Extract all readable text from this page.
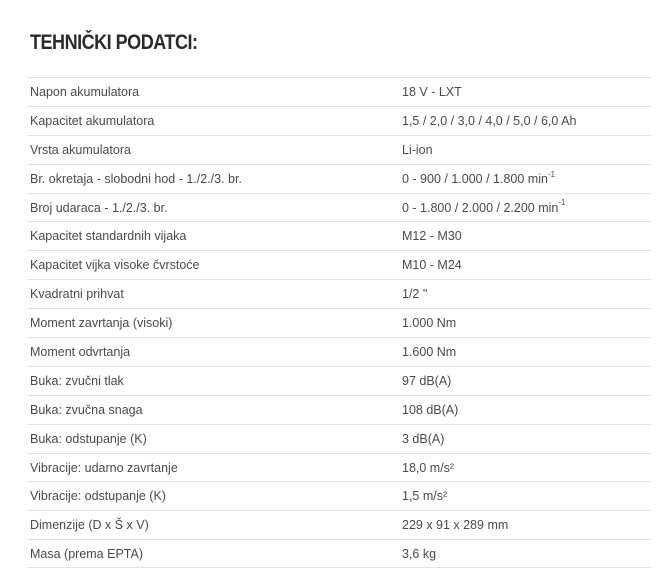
TEHNIČKI PODATCI:
Napon akumulatora	18 V - LXT
Kapacitet akumulatora	1,5 / 2,0 / 3,0 / 4,0 / 5,0 / 6,0 Ah
Vrsta akumulatora	Li-ion
Br. okretaja - slobodni hod - 1./2./3. br.	0 - 900 / 1.000 / 1.800 $\min^{-1}$
Broj udaraca - 1./2./3. br.	0 - 1.800 / 2.000 / 2.200 $\min^{-1}$
Kapacitet standardnih vijaka	M12 - M30
Kapacitet vijka visoke čvrstoće	M10 - M24
Kvadratni prihvat	1/2 "
Moment zavrtanja (visoki)	1.000 Nm
Moment odvrtanja	1.600 Nm
Buka: zvučni tlak	97 dB(A)
Buka: zvučna snaga	108 dB(A)
Buka: odstupanje (K)	3 dB(A)
Vibracije: udarno zavrtanje	18,0 m/s²
Vibracije: odstupanje (K)	1,5 m/s²
Dimenzije (D x Š x V)	229 x 91 x 289 mm
Masa (prema EPTA)	3,6 kg
